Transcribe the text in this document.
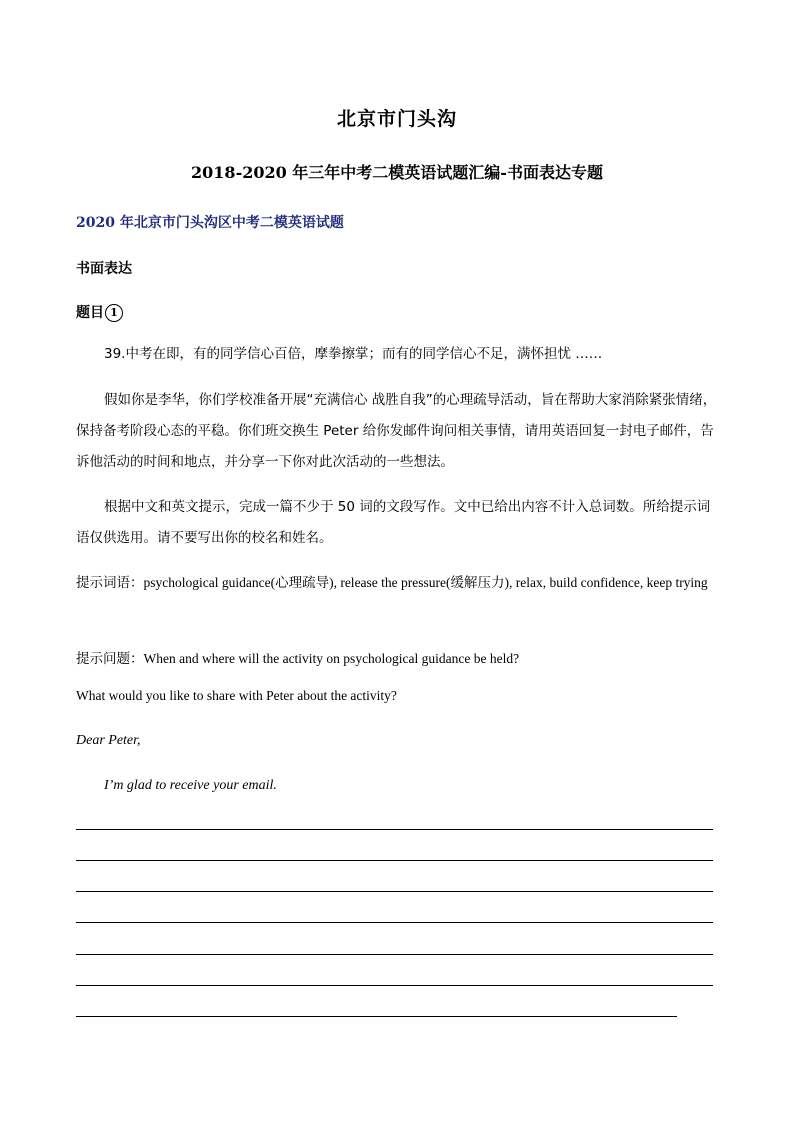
北京市门头沟
2018-2020 年三年中考二模英语试题汇编-书面表达专题
2020 年北京市门头沟区中考二模英语试题
书面表达
题目 1
39.中考在即，有的同学信心百倍，摩拳擦掌；而有的同学信心不足，满怀担忧 ……
假如你是李华，你们学校准备开展“充满信心 战胜自我”的心理疏导活动，旨在帮助大家消除紧张情绪，保持备考阶段心态的平稳。你们班交换生 Peter 给你发邮件询问相关事情，请用英语回复一封电子邮件，告诉他活动的时间和地点，并分享一下你对此次活动的一些想法。
根据中文和英文提示，完成一篇不少于 50 词的文段写作。文中已给出内容不计入总词数。所给提示词语仅供选用。请不要写出你的校名和姓名。
提示词语：psychological guidance(心理疏导), release the pressure(缓解压力), relax, build confidence, keep trying
提示问题：When and where will the activity on psychological guidance be held?
What would you like to share with Peter about the activity?
Dear Peter,
I’m glad to receive your email.
